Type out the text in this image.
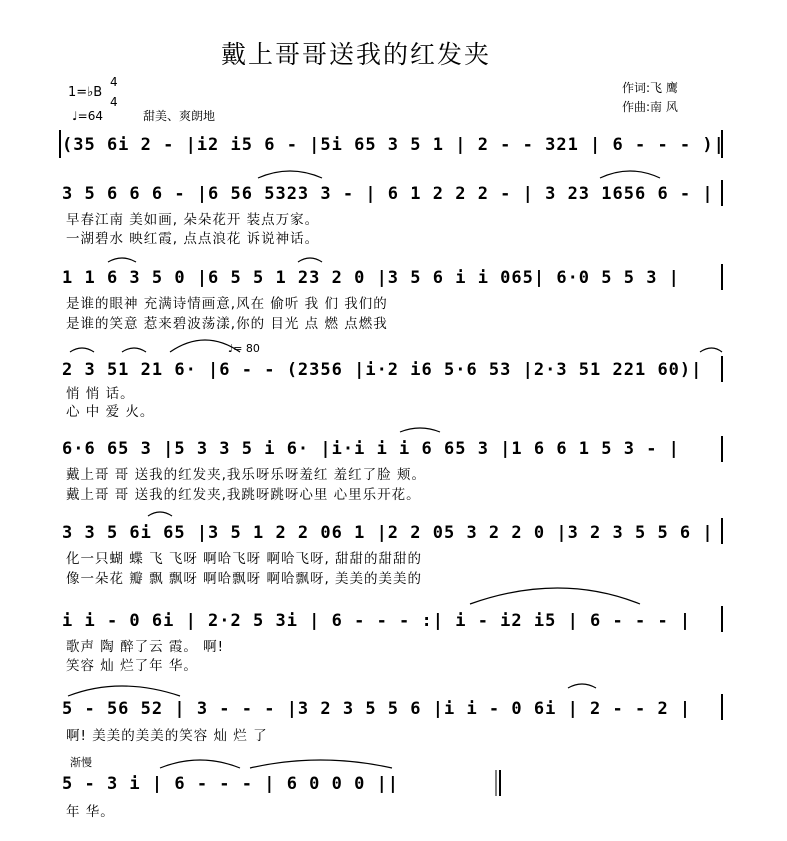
戴上哥哥送我的红发夹
1=♭B
4
4
♩=64	甜美、爽朗地
作词:飞 鹰
作曲:南 风
(35 6i 2 - |i2 i5 6 - |5i 65 3 5 1 | 2 - - 321 | 6 - - - )|
3 5 6 6 6 - |6 56 5323 3 - | 6 1 2 2 2 - | 3 23 1656 6 - |
早春江南 美如画, 朵朵花开 装点万家。
一湖碧水 映红霞, 点点浪花 诉说神话。
1 1 6 3 5 0 |6 5 5 1 23 2 0 |3 5 6 i i 065| 6·0 5 5 3 |
是谁的眼神 充满诗情画意,风在 偷听 我 们 我们的
是谁的笑意 惹来碧波荡漾,你的 目光 点 燃 点燃我
♩= 80
2 3 51 21 6· |6 - - (2356 |i·2 i6 5·6 53 |2·3 51 221 60)|
悄 悄 话。
心 中 爱 火。
6·6 65 3 |5 3 3 5 i 6· |i·i i i 6 65 3 |1 6 6 1 5 3 - |
戴上哥 哥 送我的红发夹,我乐呀乐呀羞红 羞红了脸 颊。
戴上哥 哥 送我的红发夹,我跳呀跳呀心里 心里乐开花。
3 3 5 6i 65 |3 5 1 2 2 06 1 |2 2 05 3 2 2 0 |3 2 3 5 5 6 |
化一只蝴 蝶 飞 飞呀 啊哈飞呀 啊哈飞呀, 甜甜的甜甜的
像一朵花 瓣 飘 飘呀 啊哈飘呀 啊哈飘呀, 美美的美美的
i i - 0 6i | 2·2 5 3i | 6 - - - :| i - i2 i5 | 6 - - - |
歌声 陶 醉了云 霞。 啊!
笑容 灿 烂了年 华。
5 - 56 52 | 3 - - - |3 2 3 5 5 6 |i i - 0 6i | 2 - - 2 |
啊! 美美的美美的笑容 灿 烂 了
渐慢
5 - 3 i | 6 - - - | 6 0 0 0 ||
年 华。
